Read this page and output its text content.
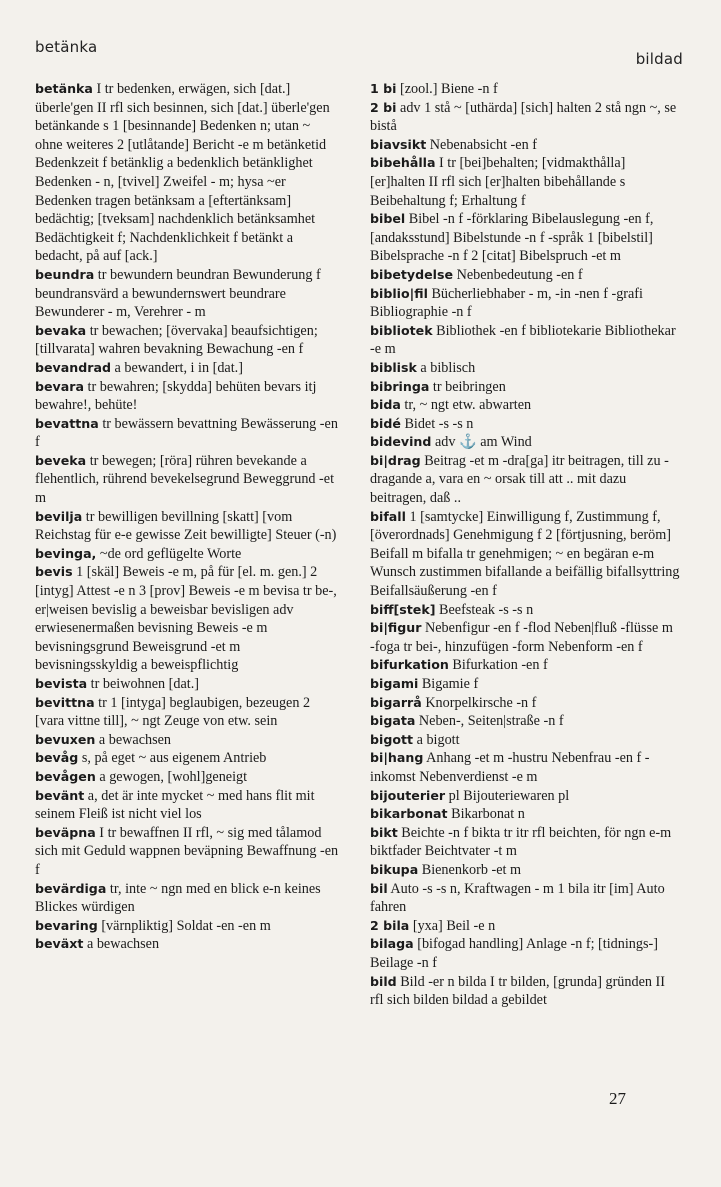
betänka
bildad

betänka I tr bedenken, erwägen, sich [dat.] überle'gen II rfl sich besinnen, sich [dat.] überle'gen betänkande s 1 [besinnande] Bedenken n; utan ~ ohne weiteres 2 [utlåtande] Bericht -e m betänketid Bedenkzeit f betänklig a bedenklich betänklighet Bedenken - n, [tvivel] Zweifel - m; hysa ~er Bedenken tragen betänksam a [eftertänksam] bedächtig; [tveksam] nachdenklich betänksamhet Bedächtigkeit f; Nachdenklichkeit f betänkt a bedacht, på auf [ack.]

beundra tr bewundern beundran Bewunderung f beundransvärd a bewundernswert beundrare Bewunderer - m, Verehrer - m

bevaka tr bewachen; [övervaka] beaufsichtigen; [tillvarata] wahren bevakning Bewachung -en f

bevandrad a bewandert, i in [dat.]

bevara tr bewahren; [skydda] behüten bevars itj bewahre!, behüte!

bevattna tr bewässern bevattning Bewässerung -en f

beveka tr bewegen; [röra] rühren bevekande a flehentlich, rührend bevekelsegrund Beweggrund -et m

bevilja tr bewilligen bevillning [skatt] [vom Reichstag für e-e gewisse Zeit bewilligte] Steuer (-n)

bevinga, ~de ord geflügelte Worte

bevis 1 [skäl] Beweis -e m, på für [el. m. gen.] 2 [intyg] Attest -e n 3 [prov] Beweis -e m bevisa tr be-, er|weisen bevislig a beweisbar bevisligen adv erwiesenermaßen bevisning Beweis -e m bevisningsgrund Beweisgrund -et m bevisningsskyldig a beweispflichtig

bevista tr beiwohnen [dat.]

bevittna tr 1 [intyga] beglaubigen, bezeugen 2 [vara vittne till], ~ ngt Zeuge von etw. sein

bevuxen a bewachsen

bevåg s, på eget ~ aus eigenem Antrieb

bevågen a gewogen, [wohl]geneigt

bevänt a, det är inte mycket ~ med hans flit mit seinem Fleiß ist nicht viel los

beväpna I tr bewaffnen II rfl, ~ sig med tålamod sich mit Geduld wappnen beväpning Bewaffnung -en f

bevärdiga tr, inte ~ ngn med en blick e-n keines Blickes würdigen

bevaring [värnpliktig] Soldat -en -en m

beväxt a bewachsen

1 bi [zool.] Biene -n f

2 bi adv 1 stå ~ [uthärda] [sich] halten 2 stå ngn ~, se bistå

biavsikt Nebenabsicht -en f

bibehålla I tr [bei]behalten; [vidmakthålla] [er]halten II rfl sich [er]halten bibehållande s Beibehaltung f; Erhaltung f

bibel Bibel -n f -förklaring Bibelauslegung -en f, [andaksstund] Bibelstunde -n f -språk 1 [bibelstil] Bibelsprache -n f 2 [citat] Bibelspruch -et m

bibetydelse Nebenbedeutung -en f

biblio|fil Bücherliebhaber - m, -in -nen f -grafi Bibliographie -n f

bibliotek Bibliothek -en f bibliotekarie Bibliothekar -e m

biblisk a biblisch

bibringa tr beibringen

bida tr, ~ ngt etw. abwarten

bidé Bidet -s -s n

bidevind adv ⚓ am Wind

bi|drag Beitrag -et m -dra[ga] itr beitragen, till zu -dragande a, vara en ~ orsak till att .. mit dazu beitragen, daß ..

bifall 1 [samtycke] Einwilligung f, Zustimmung f, [överordnads] Genehmigung f 2 [förtjusning, beröm] Beifall m bifalla tr genehmigen; ~ en begäran e-m Wunsch zustimmen bifallande a beifällig bifallsyttring Beifallsäußerung -en f

biff[stek] Beefsteak -s -s n

bi|figur Nebenfigur -en f -flod Neben|fluß -flüsse m -foga tr bei-, hinzufügen -form Nebenform -en f

bifurkation Bifurkation -en f

bigami Bigamie f

bigarrå Knorpelkirsche -n f

bigata Neben-, Seiten|straße -n f

bigott a bigott

bi|hang Anhang -et m -hustru Nebenfrau -en f -inkomst Nebenverdienst -e m

bijouterier pl Bijouteriewaren pl

bikarbonat Bikarbonat n

bikt Beichte -n f bikta tr itr rfl beichten, för ngn e-m biktfader Beichtvater -t m

bikupa Bienenkorb -et m

bil Auto -s -s n, Kraftwagen - m 1 bila itr [im] Auto fahren

2 bila [yxa] Beil -e n

bilaga [bifogad handling] Anlage -n f; [tidnings-] Beilage -n f

bild Bild -er n bilda I tr bilden, [grunda] gründen II rfl sich bilden bildad a gebildet

27
